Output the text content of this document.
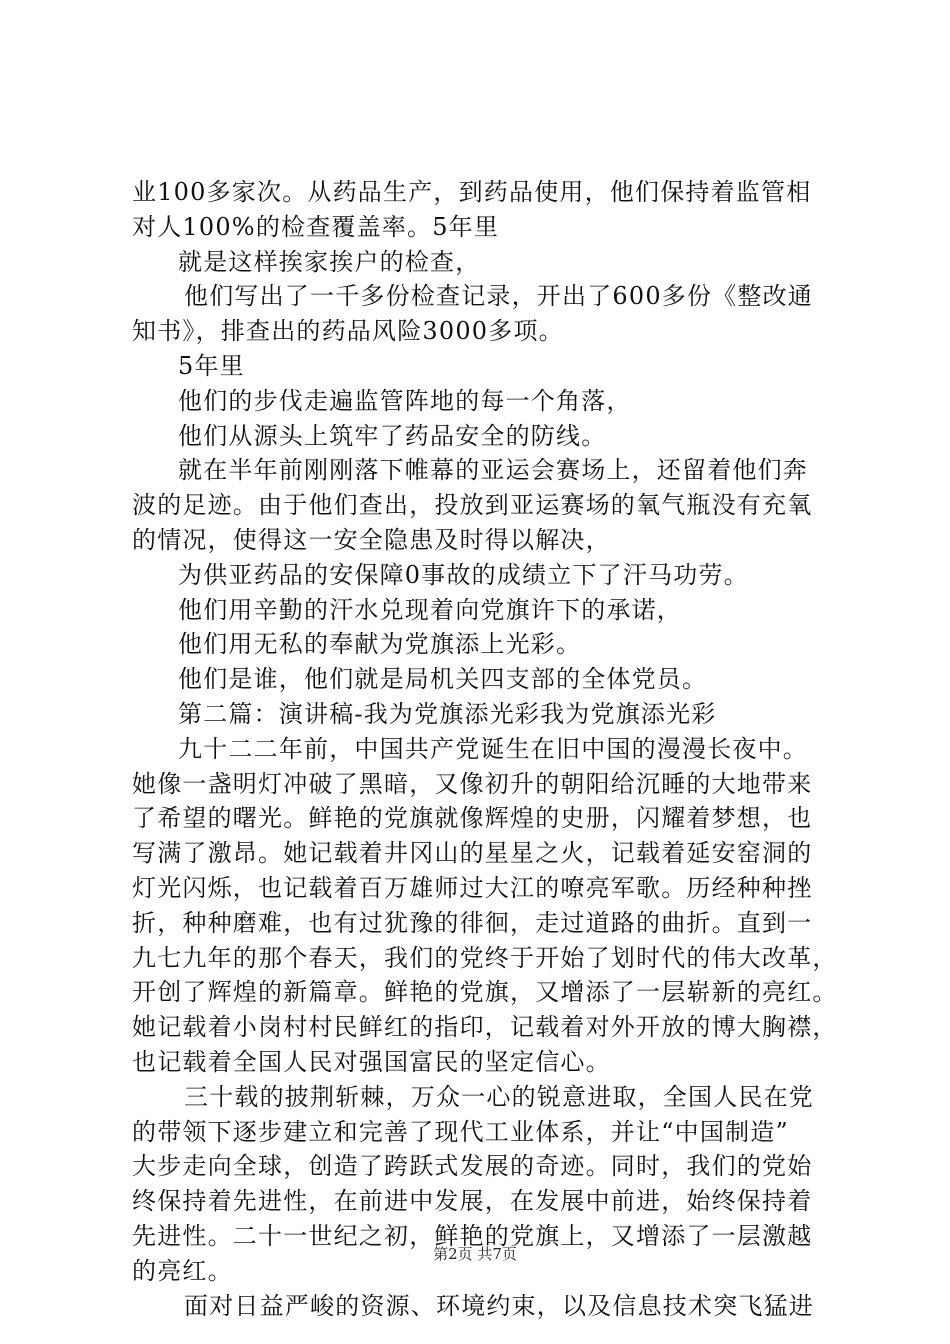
业100多家次。从药品生产，到药品使用，他们保持着监管相
对人100%的检查覆盖率。5年里
就是这样挨家挨户的检查，
他们写出了一千多份检查记录，开出了600多份《整改通
知书》，排查出的药品风险3000多项。
5年里
他们的步伐走遍监管阵地的每一个角落，
他们从源头上筑牢了药品安全的防线。
就在半年前刚刚落下帷幕的亚运会赛场上，还留着他们奔
波的足迹。由于他们查出，投放到亚运赛场的氧气瓶没有充氧
的情况，使得这一安全隐患及时得以解决，
为供亚药品的安保障0事故的成绩立下了汗马功劳。
他们用辛勤的汗水兑现着向党旗许下的承诺，
他们用无私的奉献为党旗添上光彩。
他们是谁，他们就是局机关四支部的全体党员。
第二篇：演讲稿-我为党旗添光彩我为党旗添光彩
九十二二年前，中国共产党诞生在旧中国的漫漫长夜中。
她像一盏明灯冲破了黑暗，又像初升的朝阳给沉睡的大地带来
了希望的曙光。鲜艳的党旗就像辉煌的史册，闪耀着梦想，也
写满了激昂。她记载着井冈山的星星之火，记载着延安窑洞的
灯光闪烁，也记载着百万雄师过大江的嘹亮军歌。历经种种挫
折，种种磨难，也有过犹豫的徘徊，走过道路的曲折。直到一
九七九年的那个春天，我们的党终于开始了划时代的伟大改革，
开创了辉煌的新篇章。鲜艳的党旗，又增添了一层崭新的亮红。
她记载着小岗村村民鲜红的指印，记载着对外开放的博大胸襟，
也记载着全国人民对强国富民的坚定信心。
三十载的披荆斩棘，万众一心的锐意进取，全国人民在党
的带领下逐步建立和完善了现代工业体系，并让“中国制造”
大步走向全球，创造了跨跃式发展的奇迹。同时，我们的党始
终保持着先进性，在前进中发展，在发展中前进，始终保持着
先进性。二十一世纪之初，鲜艳的党旗上，又增添了一层激越
的亮红。
面对日益严峻的资源、环境约束，以及信息技术突飞猛进
第2页 共7页
